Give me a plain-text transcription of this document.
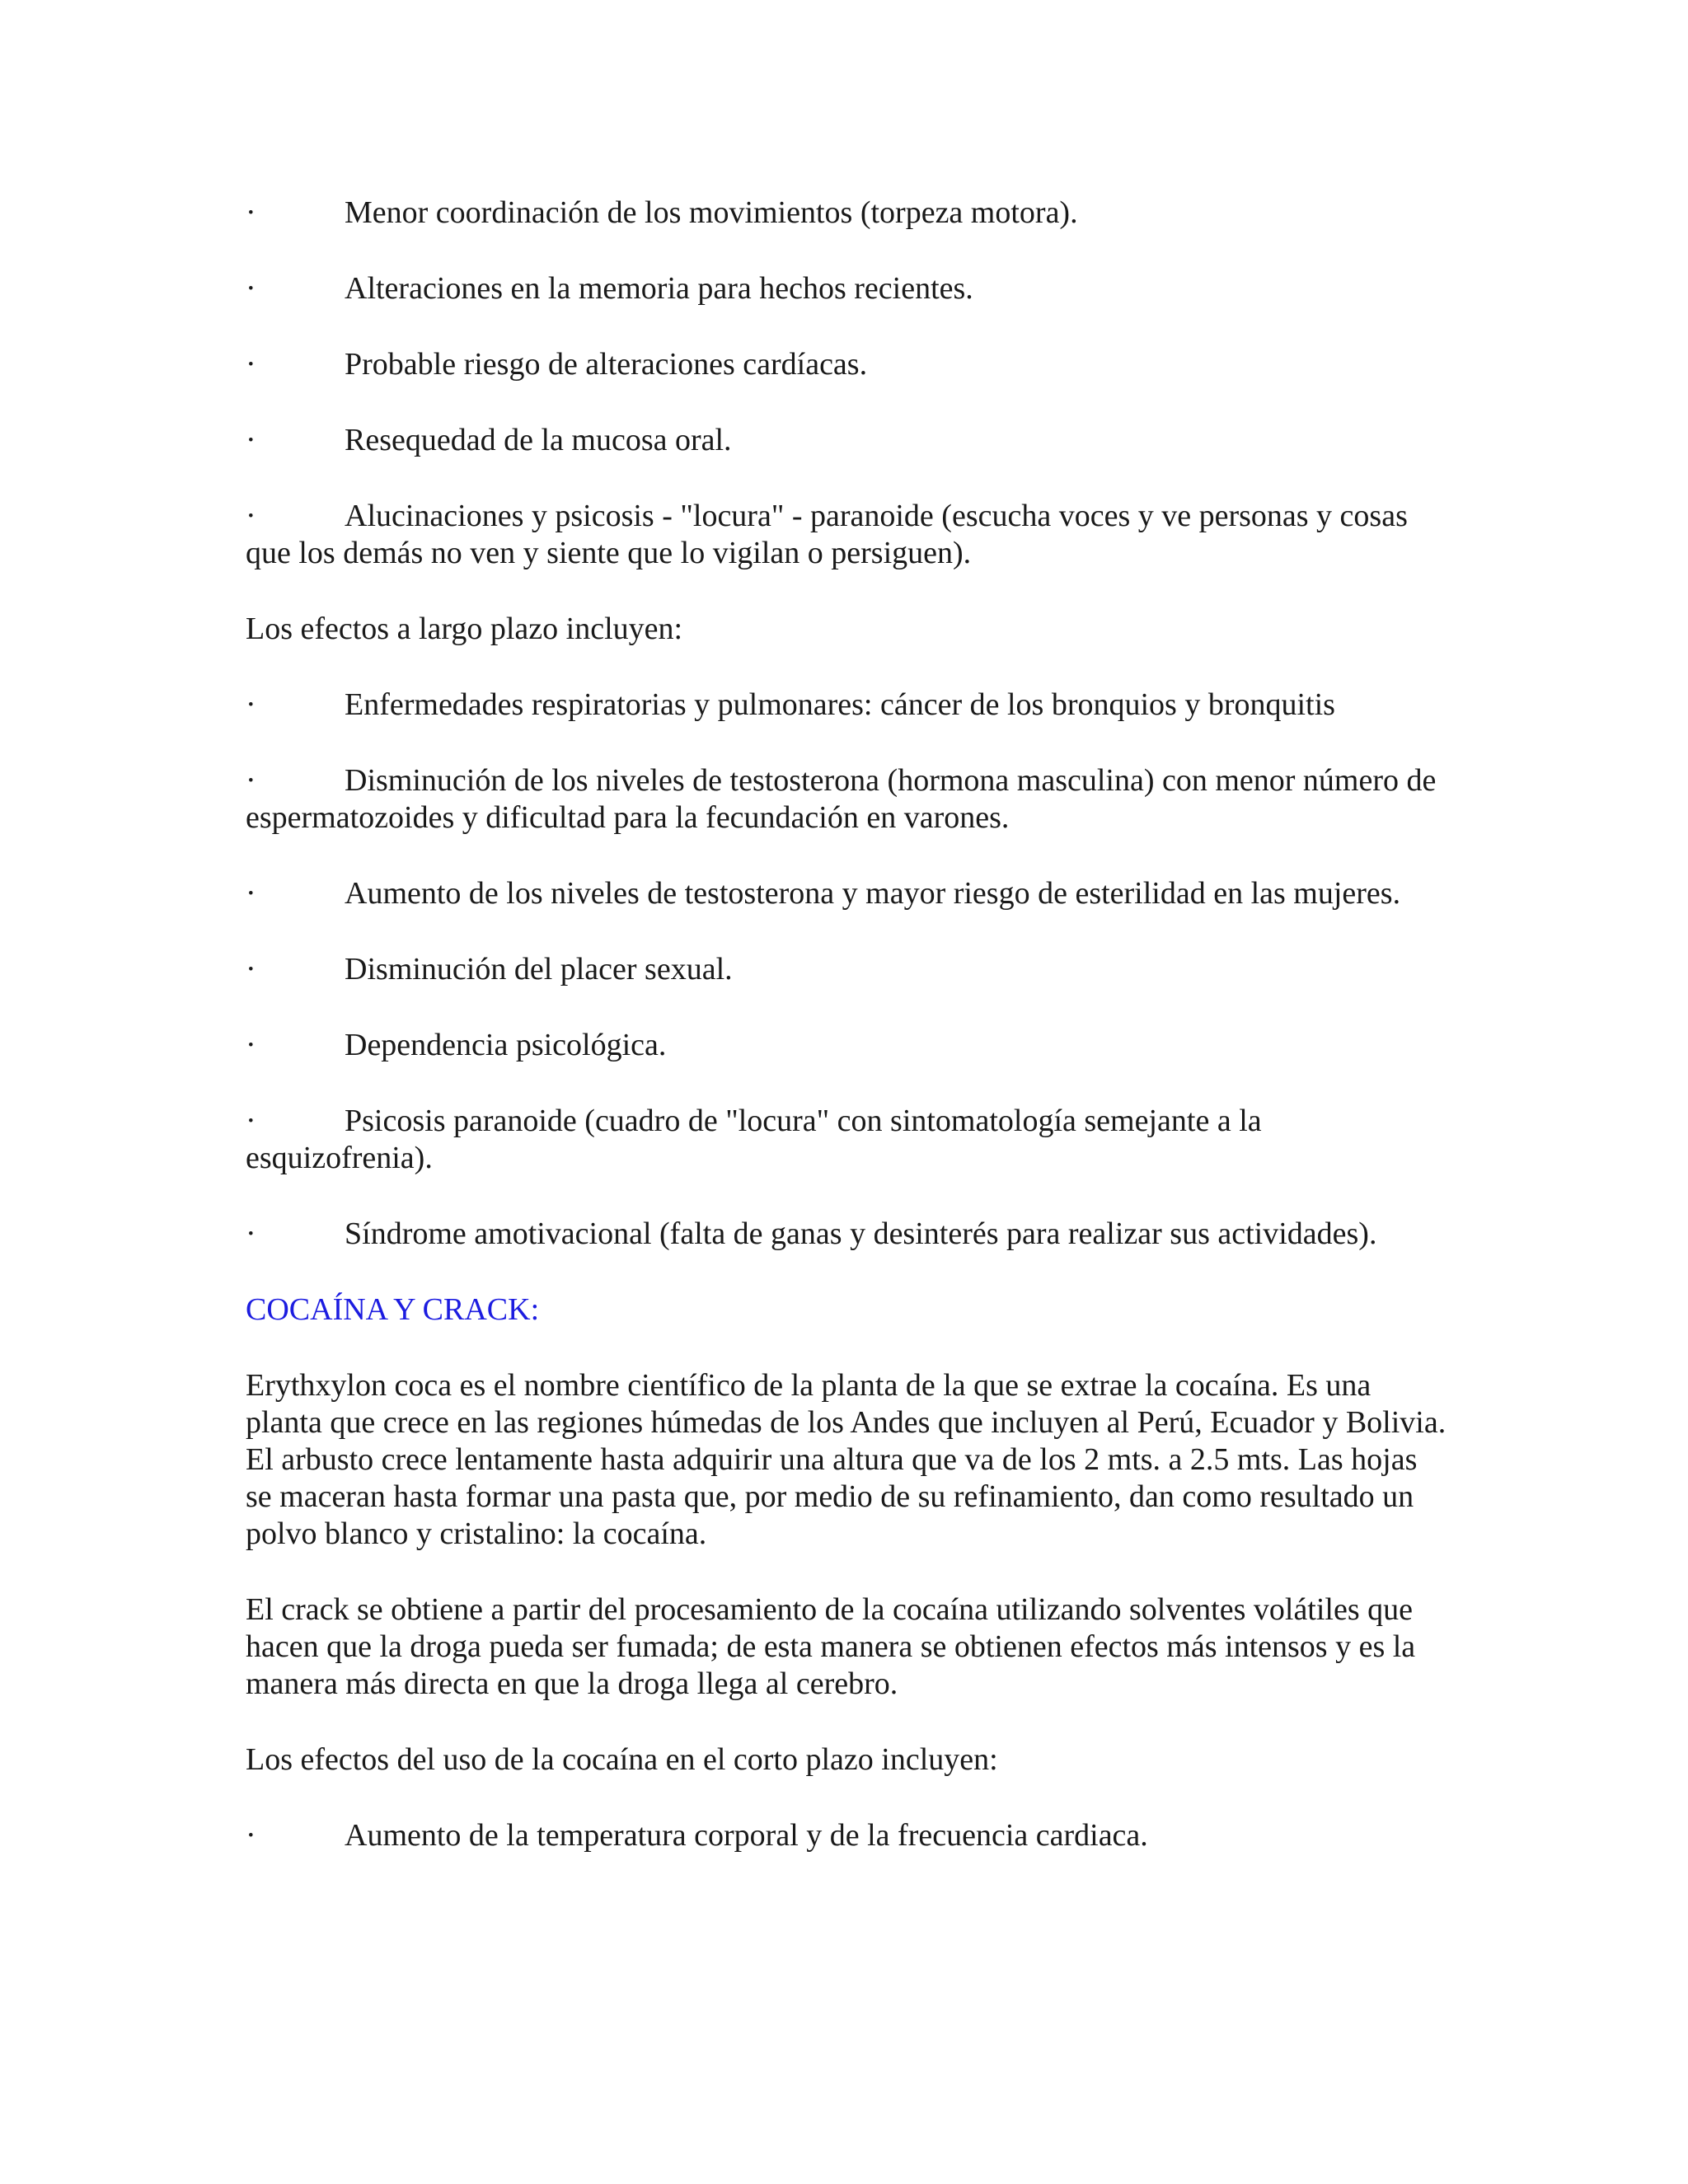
·	Menor coordinación de los movimientos (torpeza motora).

·	Alteraciones en la memoria para hechos recientes.

·	Probable riesgo de alteraciones cardíacas.

·	Resequedad de la mucosa oral.

·	Alucinaciones y psicosis - "locura" - paranoide (escucha voces y ve personas y cosas que los demás no ven y siente que lo vigilan o persiguen).

Los efectos a largo plazo incluyen:

·	Enfermedades respiratorias y pulmonares: cáncer de los bronquios y bronquitis

·	Disminución de los niveles de testosterona (hormona masculina) con menor número de espermatozoides y dificultad para la fecundación en varones.

·	Aumento de los niveles de testosterona y mayor riesgo de esterilidad en las mujeres.

·	Disminución del placer sexual.

·	Dependencia psicológica.

·	Psicosis paranoide (cuadro de "locura" con sintomatología semejante a la esquizofrenia).

·	Síndrome amotivacional (falta de ganas y desinterés para realizar sus actividades).

COCAÍNA Y CRACK:

Erythxylon coca es el nombre científico de la planta de la que se extrae la cocaína. Es una planta que crece en las regiones húmedas de los Andes que incluyen al Perú, Ecuador y Bolivia. El arbusto crece lentamente hasta adquirir una altura que va de los 2 mts. a 2.5 mts. Las hojas se maceran hasta formar una pasta que, por medio de su refinamiento, dan como resultado un polvo blanco y cristalino: la cocaína.

El crack se obtiene a partir del procesamiento de la cocaína utilizando solventes volátiles que hacen que la droga pueda ser fumada; de esta manera se obtienen efectos más intensos y es la manera más directa en que la droga llega al cerebro.

Los efectos del uso de la cocaína en el corto plazo incluyen:

·	Aumento de la temperatura corporal y de la frecuencia cardiaca.
